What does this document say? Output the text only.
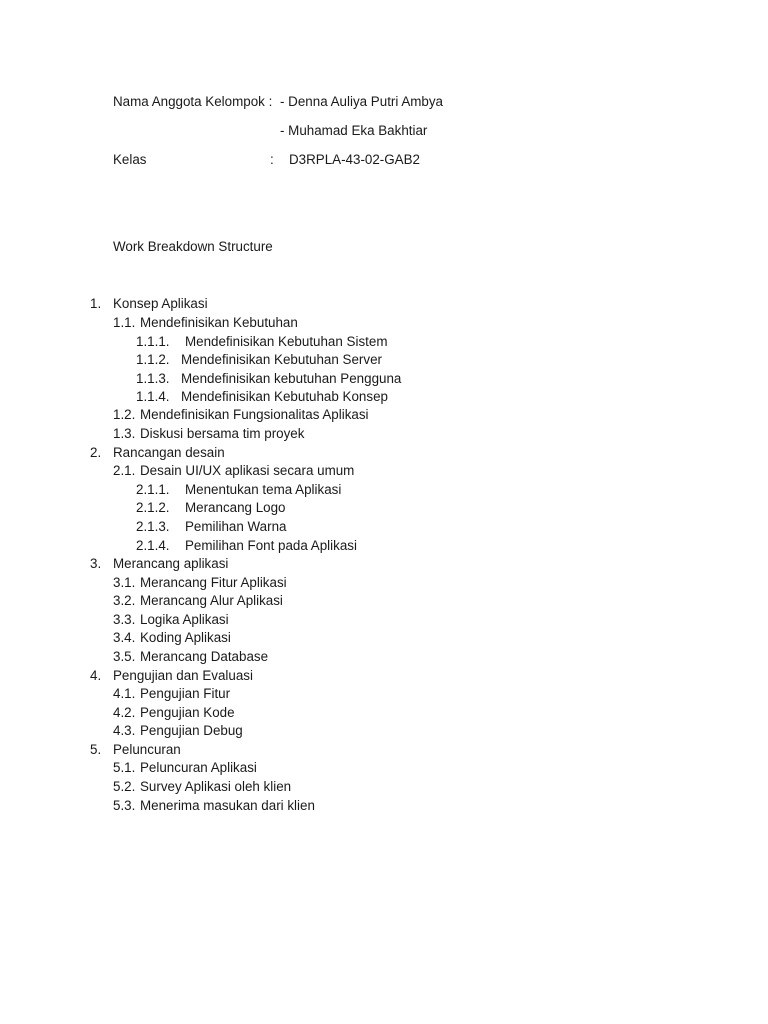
Nama Anggota Kelompok : - Denna Auliya Putri Ambya
- Muhamad Eka Bakhtiar
Kelas	: D3RPLA-43-02-GAB2
Work Breakdown Structure
1. Konsep Aplikasi
1.1. Mendefinisikan Kebutuhan
1.1.1. Mendefinisikan Kebutuhan Sistem
1.1.2. Mendefinisikan Kebutuhan Server
1.1.3. Mendefinisikan kebutuhan Pengguna
1.1.4. Mendefinisikan Kebutuhab Konsep
1.2. Mendefinisikan Fungsionalitas Aplikasi
1.3. Diskusi bersama tim proyek
2. Rancangan desain
2.1. Desain UI/UX aplikasi secara umum
2.1.1. Menentukan tema Aplikasi
2.1.2. Merancang Logo
2.1.3. Pemilihan Warna
2.1.4. Pemilihan Font pada Aplikasi
3. Merancang aplikasi
3.1. Merancang Fitur Aplikasi
3.2. Merancang Alur Aplikasi
3.3. Logika Aplikasi
3.4. Koding Aplikasi
3.5. Merancang Database
4. Pengujian dan Evaluasi
4.1. Pengujian Fitur
4.2. Pengujian Kode
4.3. Pengujian Debug
5. Peluncuran
5.1. Peluncuran Aplikasi
5.2. Survey Aplikasi oleh klien
5.3. Menerima masukan dari klien
